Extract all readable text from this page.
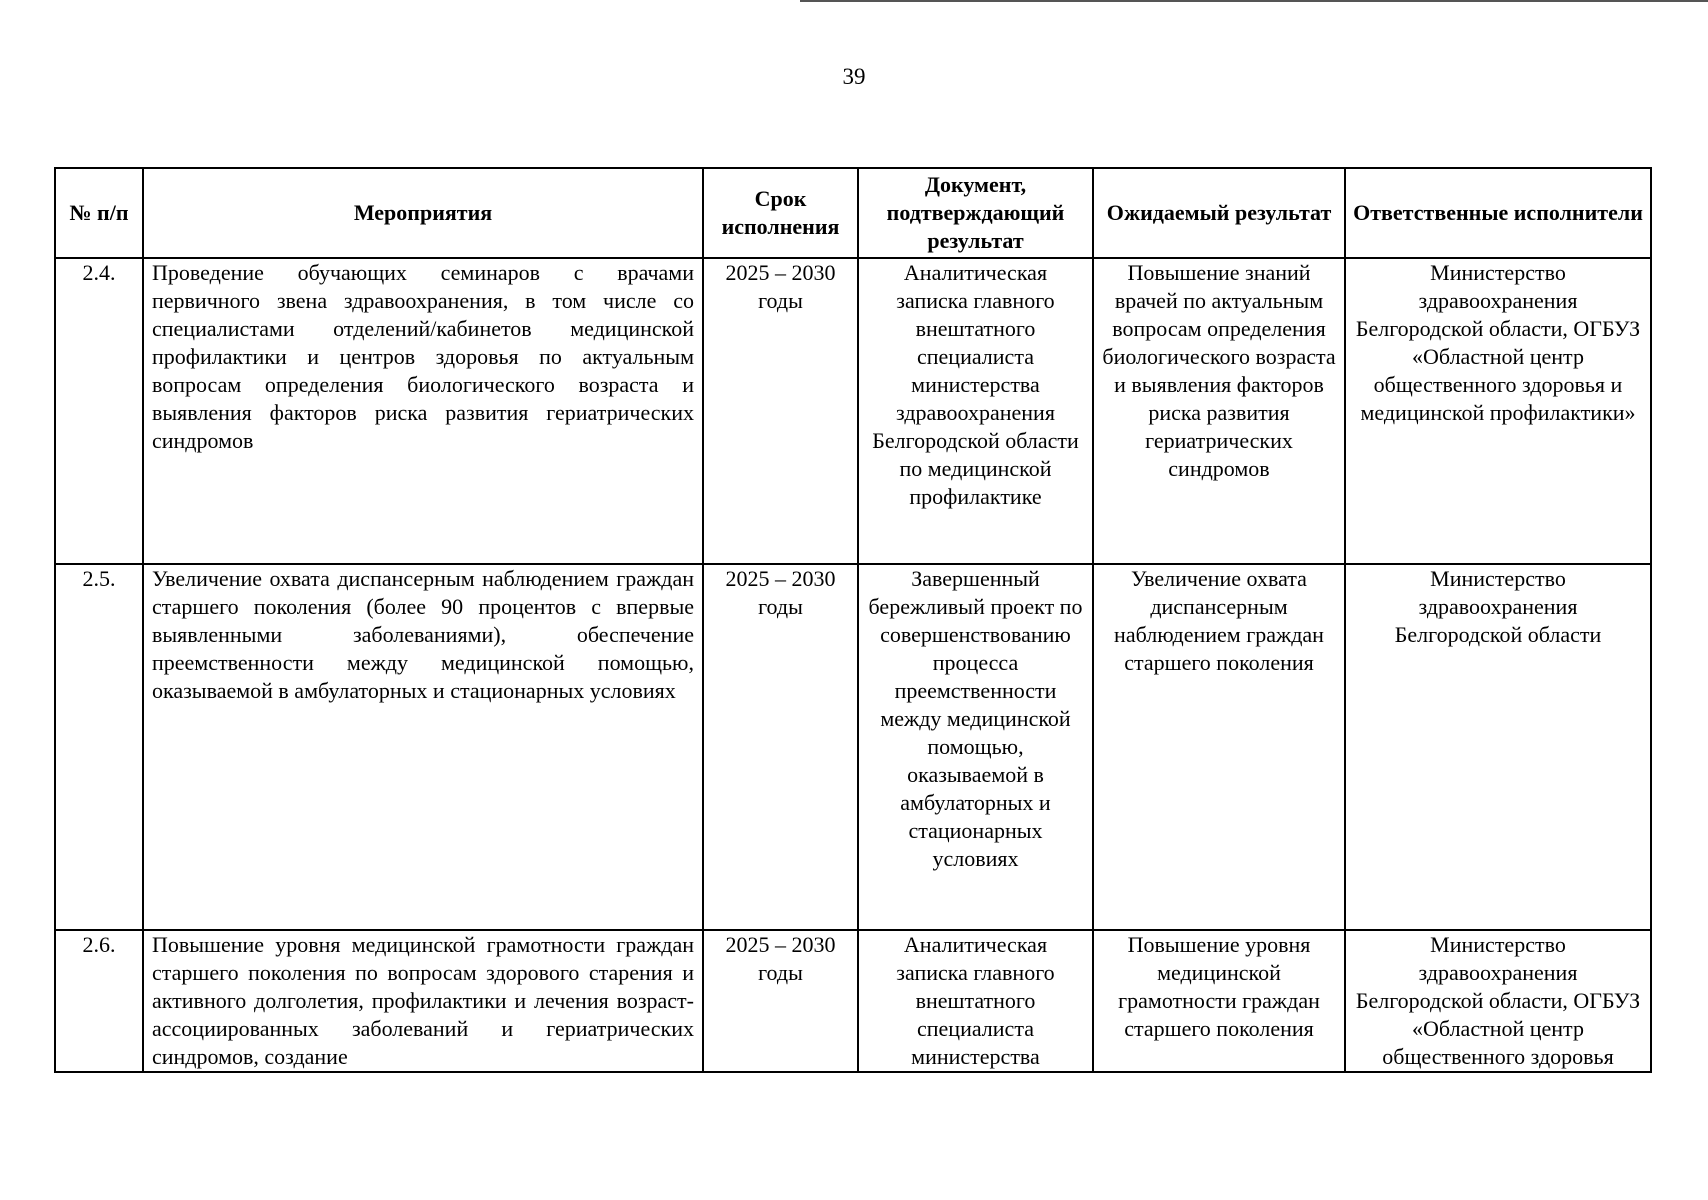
39
№ п/п	Мероприятия	Срок исполнения	Документ, подтверждающий результат	Ожидаемый результат	Ответственные исполнители
2.4.	Проведение обучающих семинаров с врачами первичного звена здравоохранения, в том числе со специалистами отделений/кабинетов медицинской профилактики и центров здоровья по актуальным вопросам определения биологического возраста и выявления факторов риска развития гериатрических синдромов	2025 – 2030 годы	Аналитическая записка главного внештатного специалиста министерства здравоохранения Белгородской области по медицинской профилактике	Повышение знаний врачей по актуальным вопросам определения биологического возраста и выявления факторов риска развития гериатрических синдромов	Министерство здравоохранения Белгородской области, ОГБУЗ «Областной центр общественного здоровья и медицинской профилактики»
2.5.	Увеличение охвата диспансерным наблюдением граждан старшего поколения (более 90 процентов с впервые выявленными заболеваниями), обеспечение преемственности между медицинской помощью, оказываемой в амбулаторных и стационарных условиях	2025 – 2030 годы	Завершенный бережливый проект по совершенствованию процесса преемственности между медицинской помощью, оказываемой в амбулаторных и стационарных условиях	Увеличение охвата диспансерным наблюдением граждан старшего поколения	Министерство здравоохранения Белгородской области
2.6.	Повышение уровня медицинской грамотности граждан старшего поколения по вопросам здорового старения и активного долголетия, профилактики и лечения возраст-ассоциированных заболеваний и гериатрических синдромов, создание	2025 – 2030 годы	Аналитическая записка главного внештатного специалиста министерства	Повышение уровня медицинской грамотности граждан старшего поколения	Министерство здравоохранения Белгородской области, ОГБУЗ «Областной центр общественного здоровья
